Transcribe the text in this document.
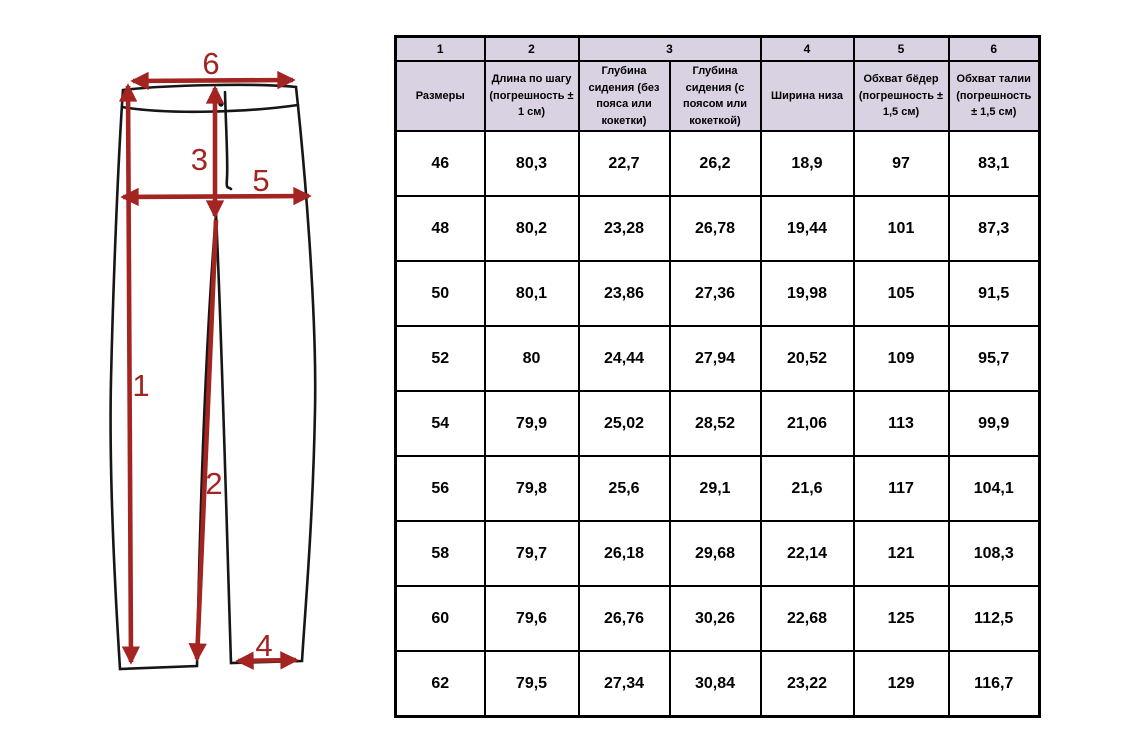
6
3
5
1
2
4
1	2	3		4	5	6
Размеры	Длина по шагу (погрешность ± 1 см)	Глубина сидения (без пояса или кокетки)	Глубина сидения (с поясом или кокеткой)	Ширина низа	Обхват бёдер (погрешность ± 1,5 см)	Обхват талии (погрешность ± 1,5 см)
46	80,3	22,7	26,2	18,9	97	83,1
48	80,2	23,28	26,78	19,44	101	87,3
50	80,1	23,86	27,36	19,98	105	91,5
52	80	24,44	27,94	20,52	109	95,7
54	79,9	25,02	28,52	21,06	113	99,9
56	79,8	25,6	29,1	21,6	117	104,1
58	79,7	26,18	29,68	22,14	121	108,3
60	79,6	26,76	30,26	22,68	125	112,5
62	79,5	27,34	30,84	23,22	129	116,7
